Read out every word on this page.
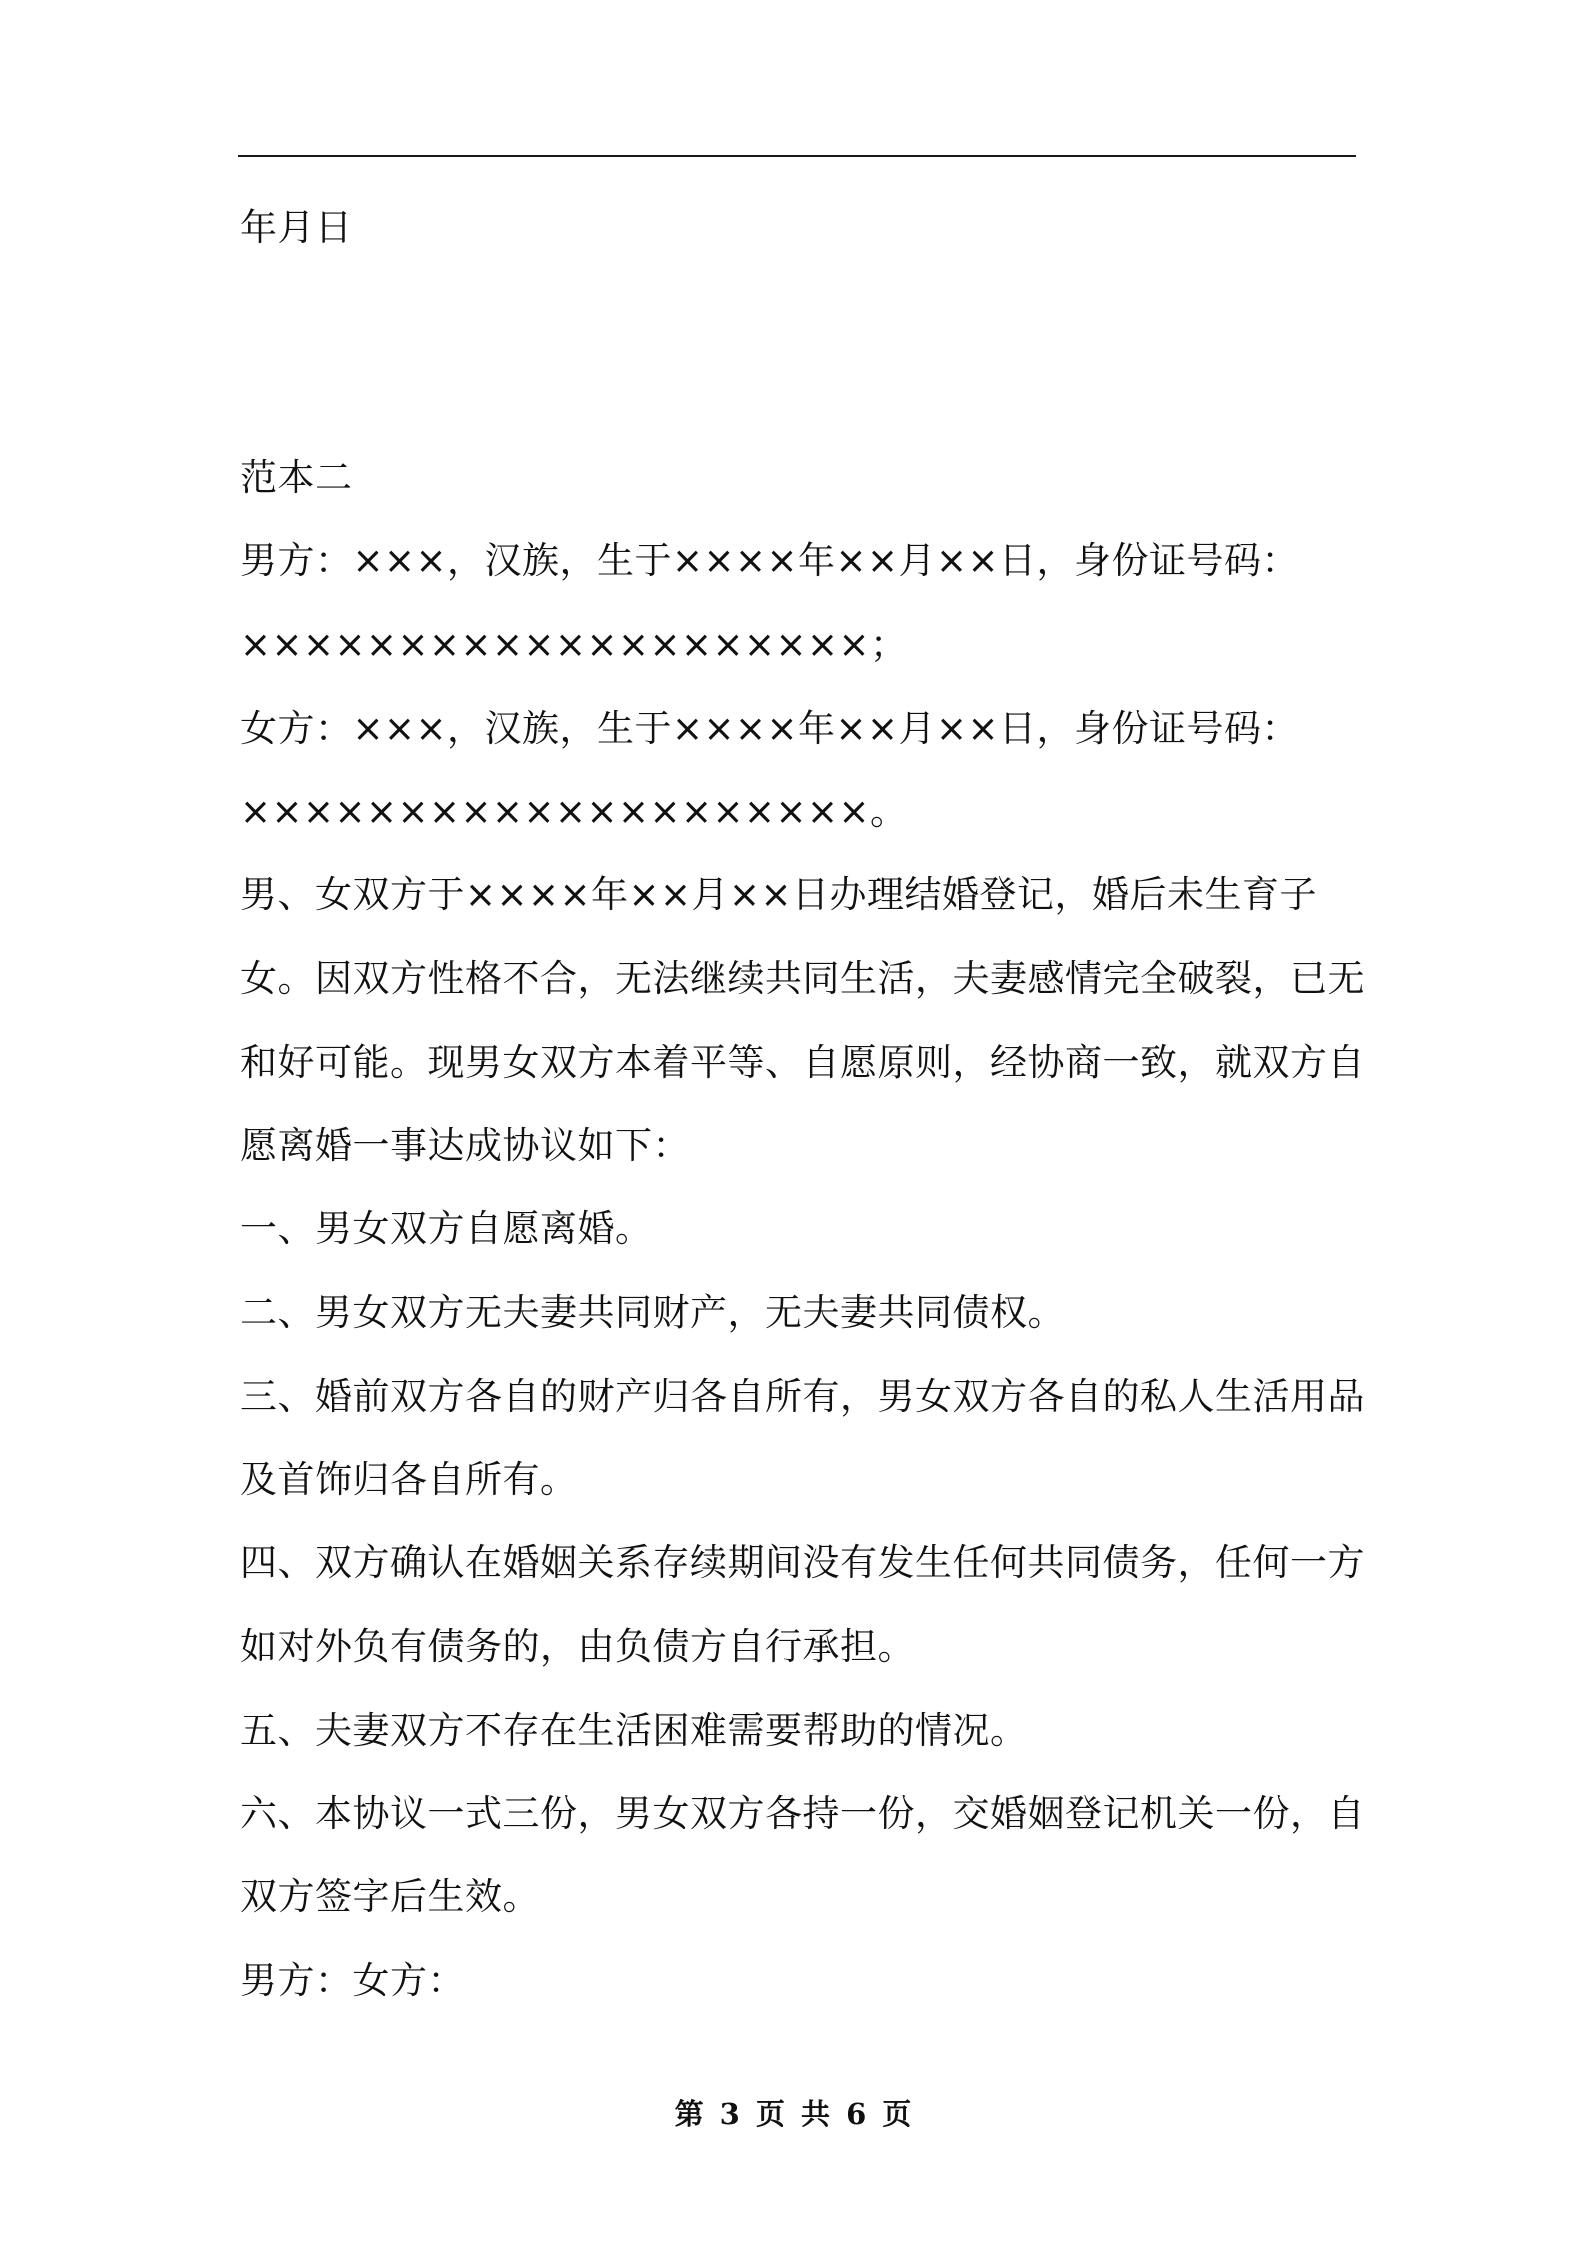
年月日

范本二

男方：×××，汉族，生于××××年××月××日，身份证号码：

××××××××××××××××××××；

女方：×××，汉族，生于××××年××月××日，身份证号码：

××××××××××××××××××××。

男、女双方于××××年××月××日办理结婚登记，婚后未生育子

女。因双方性格不合，无法继续共同生活，夫妻感情完全破裂，已无

和好可能。现男女双方本着平等、自愿原则，经协商一致，就双方自

愿离婚一事达成协议如下：

一、男女双方自愿离婚。

二、男女双方无夫妻共同财产，无夫妻共同债权。

三、婚前双方各自的财产归各自所有，男女双方各自的私人生活用品

及首饰归各自所有。

四、双方确认在婚姻关系存续期间没有发生任何共同债务，任何一方

如对外负有债务的，由负债方自行承担。

五、夫妻双方不存在生活困难需要帮助的情况。

六、本协议一式三份，男女双方各持一份，交婚姻登记机关一份，自

双方签字后生效。

男方：女方：

第 3 页 共 6 页
